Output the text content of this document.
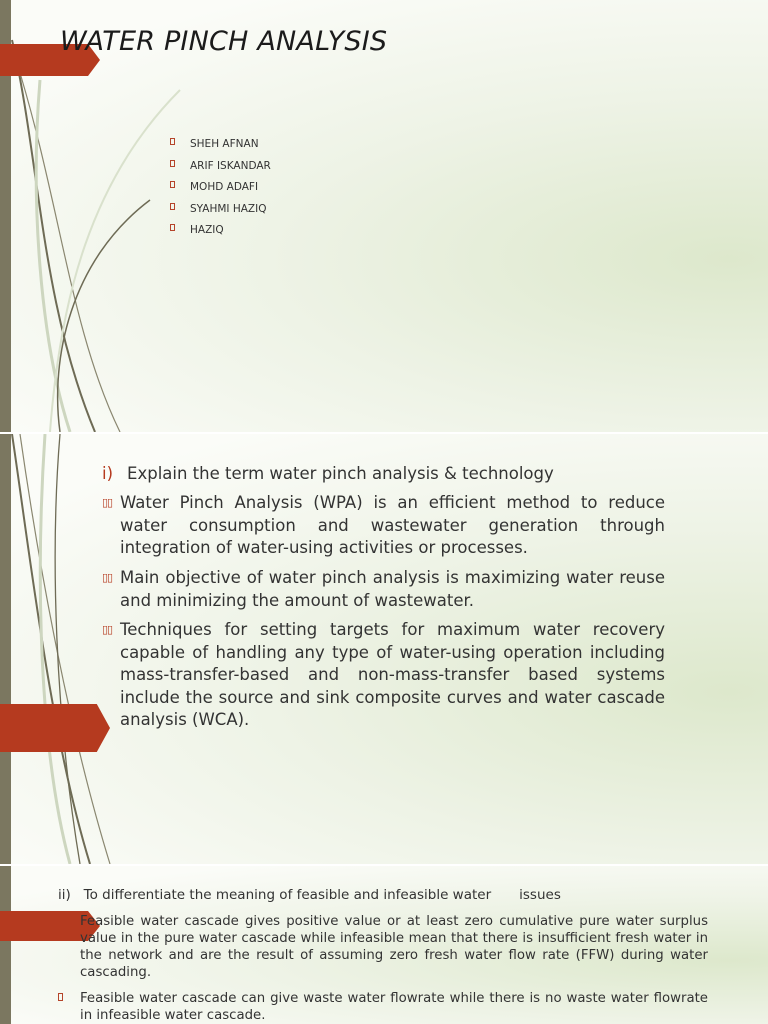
WATER PINCH ANALYSIS
SHEH AFNAN
ARIF ISKANDAR
MOHD ADAFI
SYAHMI HAZIQ
HAZIQ
i) Explain the term water pinch analysis & technology
▯▯ Water Pinch Analysis (WPA) is an efficient method to reduce water consumption and wastewater generation through integration of water-using activities or processes.
▯▯ Main objective of water pinch analysis is maximizing water reuse and minimizing the amount of wastewater.
▯▯ Techniques for setting targets for maximum water recovery capable of handling any type of water-using operation including mass-transfer-based and non-mass-transfer based systems include the source and sink composite curves and water cascade analysis (WCA).
ii) To differentiate the meaning of feasible and infeasible water issues
Feasible water cascade gives positive value or at least zero cumulative pure water surplus value in the pure water cascade while infeasible mean that there is insufficient fresh water in the network and are the result of assuming zero fresh water flow rate (FFW) during water cascading.
Feasible water cascade can give waste water flowrate while there is no waste water flowrate in infeasible water cascade.
